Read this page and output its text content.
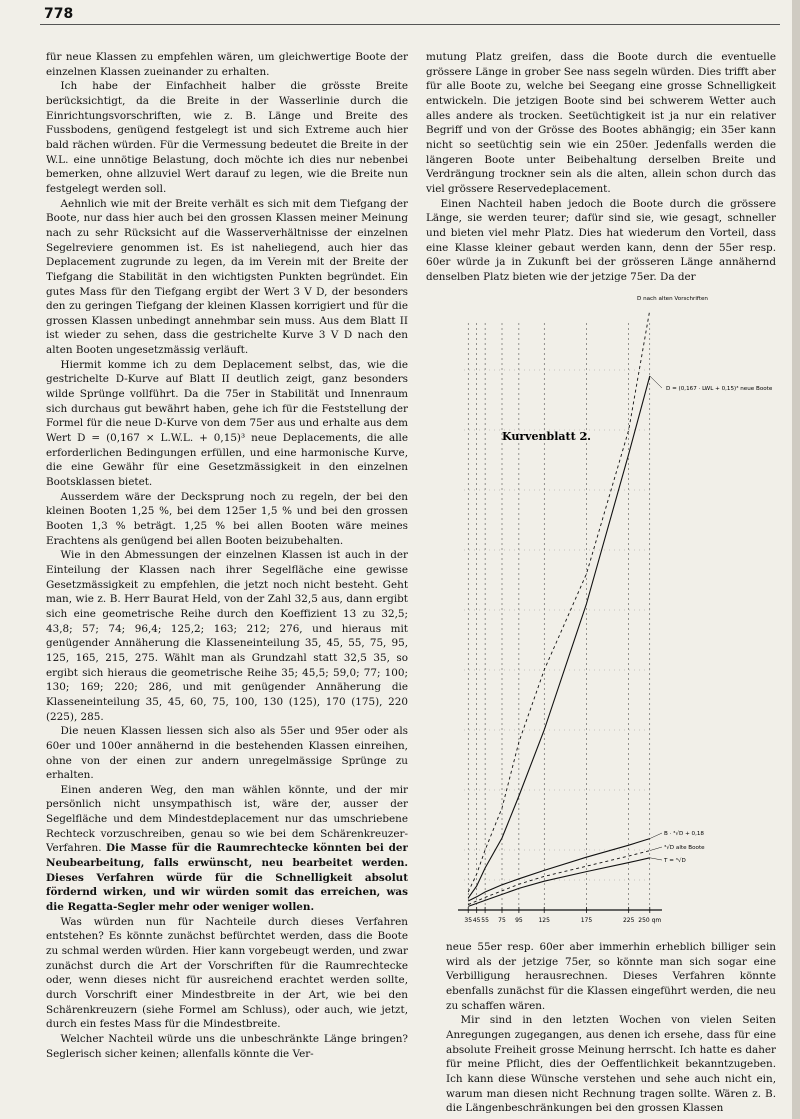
778

für neue Klassen zu empfehlen wären, um gleichwertige Boote der einzelnen Klassen zueinander zu erhalten.

Ich habe der Einfachheit halber die grösste Breite berücksichtigt, da die Breite in der Wasserlinie durch die Einrichtungsvorschriften, wie z. B. Länge und Breite des Fussbodens, genügend festgelegt ist und sich Extreme auch hier bald rächen würden. Für die Vermessung bedeutet die Breite in der W.L. eine unnötige Belastung, doch möchte ich dies nur nebenbei bemerken, ohne allzuviel Wert darauf zu legen, wie die Breite nun festgelegt werden soll.

Aehnlich wie mit der Breite verhält es sich mit dem Tiefgang der Boote, nur dass hier auch bei den grossen Klassen meiner Meinung nach zu sehr Rücksicht auf die Wasserverhältnisse der einzelnen Segelreviere genommen ist. Es ist naheliegend, auch hier das Deplacement zugrunde zu legen, da im Verein mit der Breite der Tiefgang die Stabilität in den wichtigsten Punkten begründet. Ein gutes Mass für den Tiefgang ergibt der Wert 3 V D, der besonders den zu geringen Tiefgang der kleinen Klassen korrigiert und für die grossen Klassen unbedingt annehmbar sein muss. Aus dem Blatt II ist wieder zu sehen, dass die gestrichelte Kurve 3 V D nach den alten Booten ungesetzmässig verläuft.

Hiermit komme ich zu dem Deplacement selbst, das, wie die gestrichelte D-Kurve auf Blatt II deutlich zeigt, ganz besonders wilde Sprünge vollführt. Da die 75er in Stabilität und Innenraum sich durchaus gut bewährt haben, gehe ich für die Feststellung der Formel für die neue D-Kurve von dem 75er aus und erhalte aus dem Wert D = (0,167 × L.W.L. + 0,15)³ neue Deplacements, die alle erforderlichen Bedingungen erfüllen, und eine harmonische Kurve, die eine Gewähr für eine Gesetzmässigkeit in den einzelnen Bootsklassen bietet.

Ausserdem wäre der Decksprung noch zu regeln, der bei den kleinen Booten 1,25 %, bei dem 125er 1,5 % und bei den grossen Booten 1,3 % beträgt. 1,25 % bei allen Booten wäre meines Erachtens als genügend bei allen Booten beizubehalten.

Wie in den Abmessungen der einzelnen Klassen ist auch in der Einteilung der Klassen nach ihrer Segelfläche eine gewisse Gesetzmässigkeit zu empfehlen, die jetzt noch nicht besteht. Geht man, wie z. B. Herr Baurat Held, von der Zahl 32,5 aus, dann ergibt sich eine geometrische Reihe durch den Koeffizient 13 zu 32,5; 43,8; 57; 74; 96,4; 125,2; 163; 212; 276, und hieraus mit genügender Annäherung die Klasseneinteilung 35, 45, 55, 75, 95, 125, 165, 215, 275. Wählt man als Grundzahl statt 32,5 35, so ergibt sich hieraus die geometrische Reihe 35; 45,5; 59,0; 77; 100; 130; 169; 220; 286, und mit genügender Annäherung die Klasseneinteilung 35, 45, 60, 75, 100, 130 (125), 170 (175), 220 (225), 285.

Die neuen Klassen liessen sich also als 55er und 95er oder als 60er und 100er annähernd in die bestehenden Klassen einreihen, ohne von der einen zur andern unregelmässige Sprünge zu erhalten.

Einen anderen Weg, den man wählen könnte, und der mir persönlich nicht unsympathisch ist, wäre der, ausser der Segelfläche und dem Mindestdeplacement nur das umschriebene Rechteck vorzuschreiben, genau so wie bei dem Schärenkreuzer-Verfahren. Die Masse für die Raumrechtecke könnten bei der Neubearbeitung, falls erwünscht, neu bearbeitet werden. Dieses Verfahren würde für die Schnelligkeit absolut fördernd wirken, und wir würden somit das erreichen, was die Regatta-Segler mehr oder weniger wollen.

Was würden nun für Nachteile durch dieses Verfahren entstehen? Es könnte zunächst befürchtet werden, dass die Boote zu schmal werden würden. Hier kann vorgebeugt werden, und zwar zunächst durch die Art der Vorschriften für die Raumrechtecke oder, wenn dieses nicht für ausreichend erachtet werden sollte, durch Vorschrift einer Mindestbreite in der Art, wie bei den Schärenkreuzern (siehe Formel am Schluss), oder auch, wie jetzt, durch ein festes Mass für die Mindestbreite.

Welcher Nachteil würde uns die unbeschränkte Länge bringen? Seglerisch sicher keinen; allenfalls könnte die Ver-

mutung Platz greifen, dass die Boote durch die eventuelle grössere Länge in grober See nass segeln würden. Dies trifft aber für alle Boote zu, welche bei Seegang eine grosse Schnelligkeit entwickeln. Die jetzigen Boote sind bei schwerem Wetter auch alles andere als trocken. Seetüchtigkeit ist ja nur ein relativer Begriff und von der Grösse des Bootes abhängig; ein 35er kann nicht so seetüchtig sein wie ein 250er. Jedenfalls werden die längeren Boote unter Beibehaltung derselben Breite und Verdrängung trockner sein als die alten, allein schon durch das viel grössere Reservedeplacement.

Einen Nachteil haben jedoch die Boote durch die grössere Länge, sie werden teurer; dafür sind sie, wie gesagt, schneller und bieten viel mehr Platz. Dies hat wiederum den Vorteil, dass eine Klasse kleiner gebaut werden kann, denn der 55er resp. 60er würde ja in Zukunft bei der grösseren Länge annähernd denselben Platz bieten wie der jetzige 75er. Da der

35 45 55 75 95	125	175	225 250 qm
Kurvenblatt 2.
D nach alten Vorschriften
D = (0,167 · LWL + 0,15)³ neue Boote
B · ³√D + 0,18
³√D alte Boote
T = ³√D

neue 55er resp. 60er aber immerhin erheblich billiger sein wird als der jetzige 75er, so könnte man sich sogar eine Verbilligung herausrechnen. Dieses Verfahren könnte ebenfalls zunächst für die Klassen eingeführt werden, die neu zu schaffen wären.

Mir sind in den letzten Wochen von vielen Seiten Anregungen zugegangen, aus denen ich ersehe, dass für eine absolute Freiheit grosse Meinung herrscht. Ich hatte es daher für meine Pflicht, dies der Oeffentlichkeit bekanntzugeben. Ich kann diese Wünsche verstehen und sehe auch nicht ein, warum man diesen nicht Rechnung tragen sollte. Wären z. B. die Längenbeschränkungen bei den grossen Klassen
